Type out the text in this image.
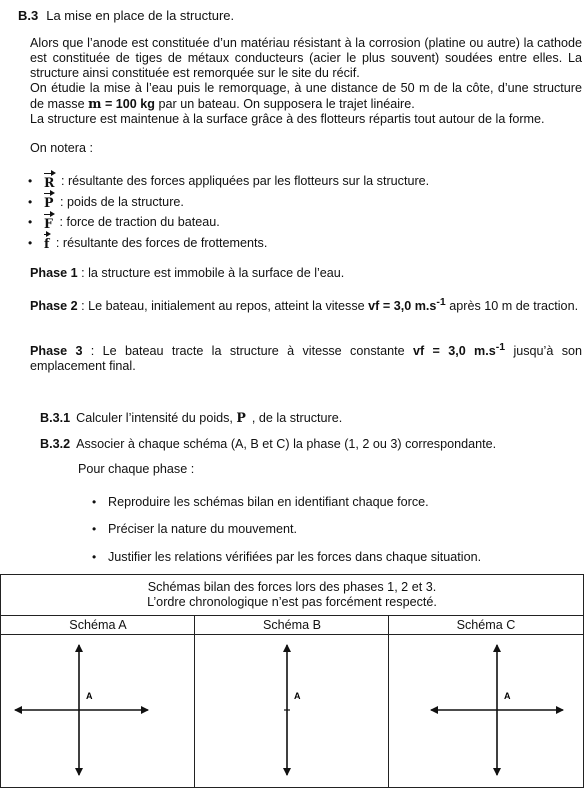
B.3 La mise en place de la structure.

Alors que l’anode est constituée d’un matériau résistant à la corrosion (platine ou autre) la cathode est constituée de tiges de métaux conducteurs (acier le plus souvent) soudées entre elles. La structure ainsi constituée est remorquée sur le site du récif.

On étudie la mise à l’eau puis le remorquage, à une distance de 50 m de la côte, d’une structure de masse m = 100 kg par un bateau. On supposera le trajet linéaire.

La structure est maintenue à la surface grâce à des flotteurs répartis tout autour de la forme.

On notera :
• R
: résultante des forces appliquées par les flotteurs sur la structure.
• P
: poids de la structure.
• F
: force de traction du bateau.
• f
: résultante des forces de frottements.

Phase 1 : la structure est immobile à la surface de l’eau.

Phase 2 : Le bateau, initialement au repos, atteint la vitesse vf = 3,0 $m.s^{-1}$ après 10 m de traction.

Phase 3 : Le bateau tracte la structure à vitesse constante vf = 3,0 $m.s^{-1}$ jusqu’à son emplacement final.

B.3.1 Calculer l’intensité du poids, P , de la structure.
B.3.2 Associer à chaque schéma (A, B et C) la phase (1, 2 ou 3) correspondante.
Pour chaque phase :
• Reproduire les schémas bilan en identifiant chaque force.
• Préciser la nature du mouvement.
• Justifier les relations vérifiées par les forces dans chaque situation.
Schémas bilan des forces lors des phases 1, 2 et 3.
L’ordre chronologique n’est pas forcément respecté.
Schéma A	Schéma B	Schéma C
A	A	A
